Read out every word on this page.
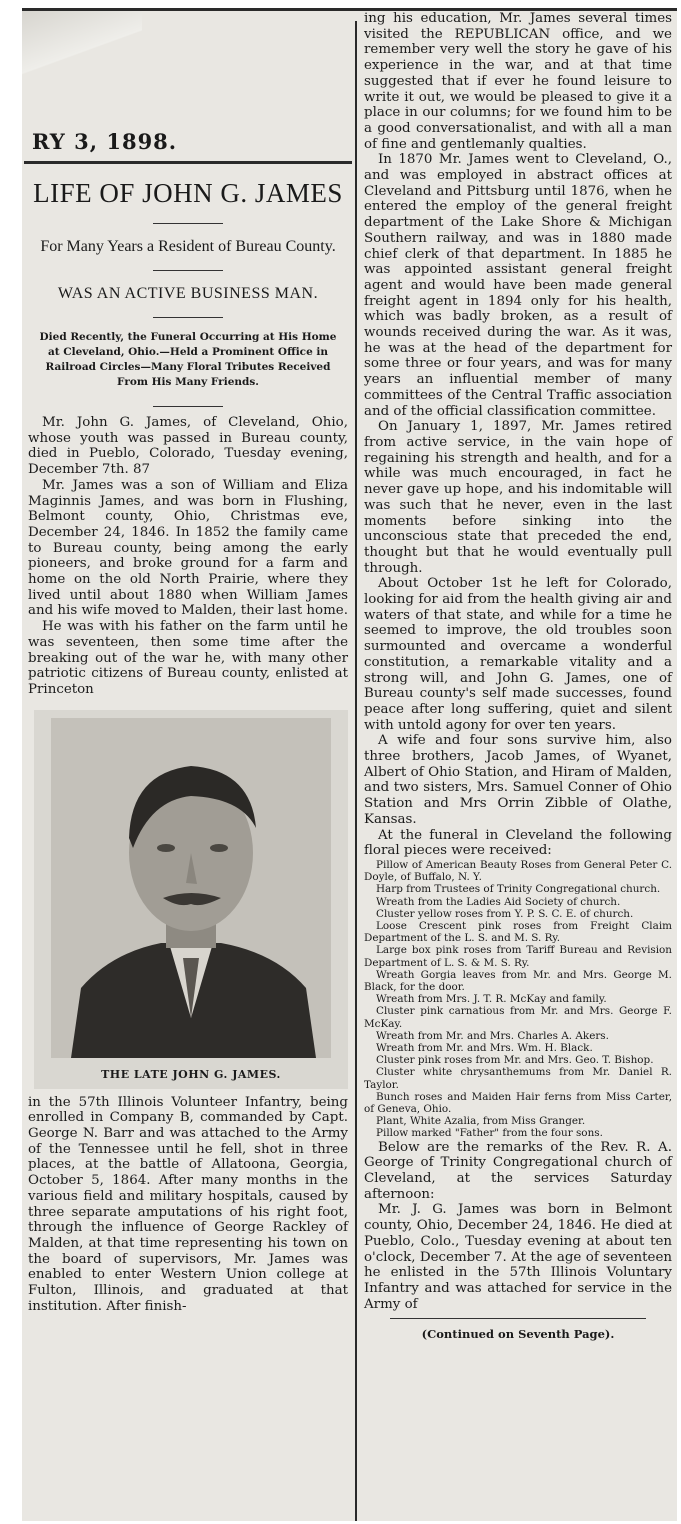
RY 3, 1898.
LIFE OF JOHN G. JAMES
For Many Years a Resident of Bureau County.
WAS AN ACTIVE BUSINESS MAN.
Died Recently, the Funeral Occurring at His Home at Cleveland, Ohio.—Held a Prominent Office in Railroad Circles—Many Floral Tributes Received From His Many Friends.

Mr. John G. James, of Cleveland, Ohio, whose youth was passed in Bureau county, died in Pueblo, Colorado, Tuesday evening, December 7th. 87

Mr. James was a son of William and Eliza Maginnis James, and was born in Flushing, Belmont county, Ohio, Christmas eve, December 24, 1846. In 1852 the family came to Bureau county, being among the early pioneers, and broke ground for a farm and home on the old North Prairie, where they lived until about 1880 when William James and his wife moved to Malden, their last home.

He was with his father on the farm until he was seventeen, then some time after the breaking out of the war he, with many other patriotic citizens of Bureau county, enlisted at Princeton

THE LATE JOHN G. JAMES.

in the 57th Illinois Volunteer Infantry, being enrolled in Company B, commanded by Capt. George N. Barr and was attached to the Army of the Tennessee until he fell, shot in three places, at the battle of Allatoona, Georgia, October 5, 1864. After many months in the various field and military hospitals, caused by three separate amputations of his right foot, through the influence of George Rackley of Malden, at that time representing his town on the board of supervisors, Mr. James was enabled to enter Western Union college at Fulton, Illinois, and graduated at that institution. After finish-

ing his education, Mr. James several times visited the REPUBLICAN office, and we remember very well the story he gave of his experience in the war, and at that time suggested that if ever he found leisure to write it out, we would be pleased to give it a place in our columns; for we found him to be a good conversationalist, and with all a man of fine and gentlemanly qualties.

In 1870 Mr. James went to Cleveland, O., and was employed in abstract offices at Cleveland and Pittsburg until 1876, when he entered the employ of the general freight department of the Lake Shore & Michigan Southern railway, and was in 1880 made chief clerk of that department. In 1885 he was appointed assistant general freight agent and would have been made general freight agent in 1894 only for his health, which was badly broken, as a result of wounds received during the war. As it was, he was at the head of the department for some three or four years, and was for many years an influential member of many committees of the Central Traffic association and of the official classification committee.

On January 1, 1897, Mr. James retired from active service, in the vain hope of regaining his strength and health, and for a while was much encouraged, in fact he never gave up hope, and his indomitable will was such that he never, even in the last moments before sinking into the unconscious state that preceded the end, thought but that he would eventually pull through.

About October 1st he left for Colorado, looking for aid from the health giving air and waters of that state, and while for a time he seemed to improve, the old troubles soon surmounted and overcame a wonderful constitution, a remarkable vitality and a strong will, and John G. James, one of Bureau county's self made successes, found peace after long suffering, quiet and silent with untold agony for over ten years.

A wife and four sons survive him, also three brothers, Jacob James, of Wyanet, Albert of Ohio Station, and Hiram of Malden, and two sisters, Mrs. Samuel Conner of Ohio Station and Mrs Orrin Zibble of Olathe, Kansas.

At the funeral in Cleveland the following floral pieces were received:

Pillow of American Beauty Roses from General Peter C. Doyle, of Buffalo, N. Y.
Harp from Trustees of Trinity Congregational church.
Wreath from the Ladies Aid Society of church.
Cluster yellow roses from Y. P. S. C. E. of church.
Loose Crescent pink roses from Freight Claim Department of the L. S. and M. S. Ry.
Large box pink roses from Tariff Bureau and Revision Department of L. S. & M. S. Ry.
Wreath Gorgia leaves from Mr. and Mrs. George M. Black, for the door.
Wreath from Mrs. J. T. R. McKay and family.
Cluster pink carnatious from Mr. and Mrs. George F. McKay.
Wreath from Mr. and Mrs. Charles A. Akers.
Wreath from Mr. and Mrs. Wm. H. Black.
Cluster pink roses from Mr. and Mrs. Geo. T. Bishop.
Cluster white chrysanthemums from Mr. Daniel R. Taylor.
Bunch roses and Maiden Hair ferns from Miss Carter, of Geneva, Ohio.
Plant, White Azalia, from Miss Granger.
Pillow marked "Father" from the four sons.

Below are the remarks of the Rev. R. A. George of Trinity Congregational church of Cleveland, at the services Saturday afternoon:

Mr. J. G. James was born in Belmont county, Ohio, December 24, 1846. He died at Pueblo, Colo., Tuesday evening at about ten o'clock, December 7. At the age of seventeen he enlisted in the 57th Illinois Voluntary Infantry and was attached for service in the Army of

(Continued on Seventh Page).
